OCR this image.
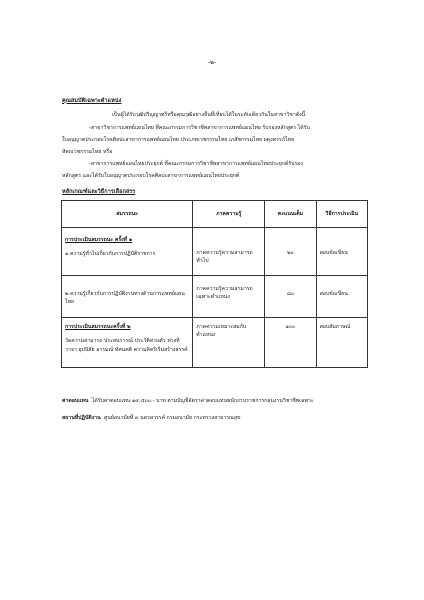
-๒-
คุณสมบัติเฉพาะตำแหน่ง
เป็นผู้ได้รับวุฒิปริญญาตรีหรือคุณวุฒิอย่างอื่นที่เทียบได้ในระดับเดียวกันในสาขาวิชาดังนี้
-สาขาวิชาการแพทย์แผนไทย ที่คณะกรรมการวิชาชีพสาขาการแพทย์แผนไทย รับรองหลักสูตร ได้รับ
ใบอนุญาตประกอบโรคศิลปะสาขาการแพทย์แผนไทย ประเภทเวชกรรมไทย เภสัชกรรมไทย ผดุงครรภ์ไทย
หัตถเวชกรรมไทย หรือ
-สาขาการแพทย์แผนไทยประยุกต์ ที่คณะกรรมการวิชาชีพสาขาการแพทย์แผนไทยประยุกต์รับรอง
หลักสูตร และได้รับใบอนุญาตประกอบโรคศิลปะสาขาการแพทย์แผนไทยประยุกต์
หลักเกณฑ์และวิธีการเลือกสรร
สมรรถนะ	ภาคความรู้	คะแนนเต็ม	วิธีการประเมิน

การประเมินสมรรถนะ ครั้งที่ ๑
๑.ความรู้ทั่วไปเกี่ยวกับการปฏิบัติราชการ	ภาคความรู้ความสามารถทั่วไป	๒๐	สอบข้อเขียน

๒.ความรู้เกี่ยวกับการปฏิบัติงานทางด้านการแพทย์แผนไทย	ภาคความรู้ความสามารถเฉพาะตำแหน่ง	๘๐	สอบข้อเขียน

การประเมินสมรรถนะครั้งที่ ๒
วัดความสามารถ ประสบการณ์ ประวัติส่วนตัว ท่วงทีวาจา อุปนิสัย อารมณ์ ทัศนคติ ความคิดริเริ่มสร้างสรรค์	ภาคความเหมาะสมกับตำแหน่ง	๑๐๐	สอบสัมภาษณ์
ค่าตอบแทน ได้รับค่าตอบแทน ๑๙,๕๐๐.- บาท ตามบัญชีอัตราค่าตอบแทนพนักงานราชการกลุ่มงานวิชาชีพเฉพาะ
สถานที่ปฏิบัติงาน ศูนย์อนามัยที่ ๓ นครสวรรค์ กรมอนามัย กระทรวงสาธารณสุข
